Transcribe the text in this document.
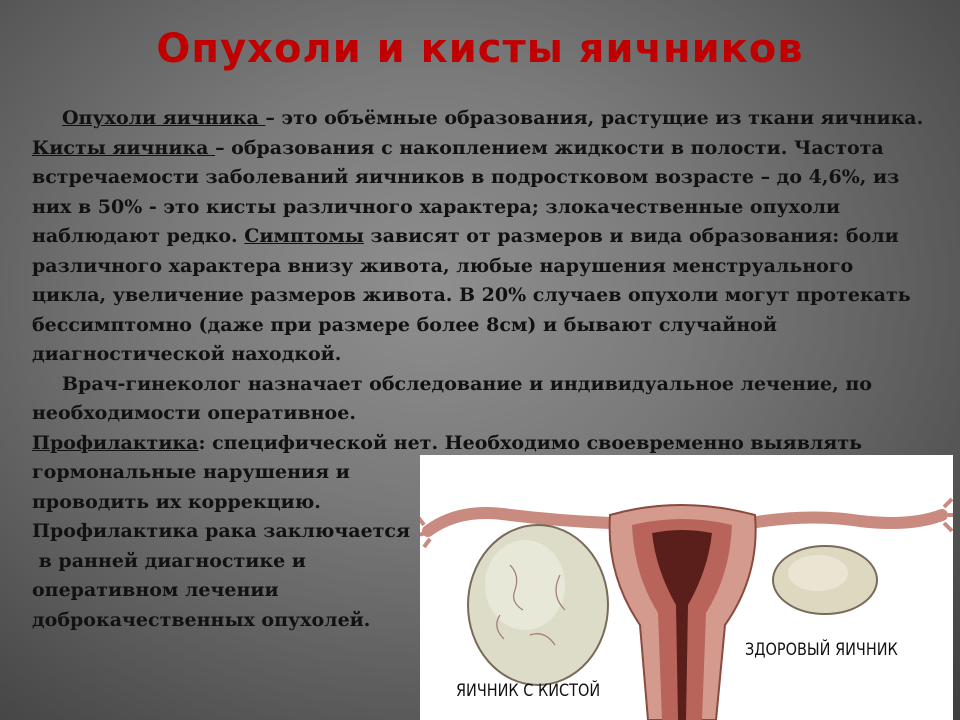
Опухоли и кисты яичников

Опухоли яичника – это объёмные образования, растущие из ткани яичника. Кисты яичника – образования с накоплением жидкости в полости. Частота встречаемости заболеваний яичников в подростковом возрасте – до 4,6%, из них в 50% - это кисты различного характера; злокачественные опухоли наблюдают редко. Симптомы зависят от размеров и вида образования: боли различного характера внизу живота, любые нарушения менструального цикла, увеличение размеров живота. В 20% случаев опухоли могут протекать бессимптомно (даже при размере более 8см) и бывают случайной диагностической находкой.

Врач-гинеколог назначает обследование и индивидуальное лечение, по необходимости оперативное.

Профилактика: специфической нет. Необходимо своевременно выявлять

гормональные нарушения и
проводить их коррекцию.
Профилактика рака заключается
в ранней диагностике и
оперативном лечении
доброкачественных опухолей.
ЯИЧНИК С КИСТОЙ
ЗДОРОВЫЙ ЯИЧНИК
